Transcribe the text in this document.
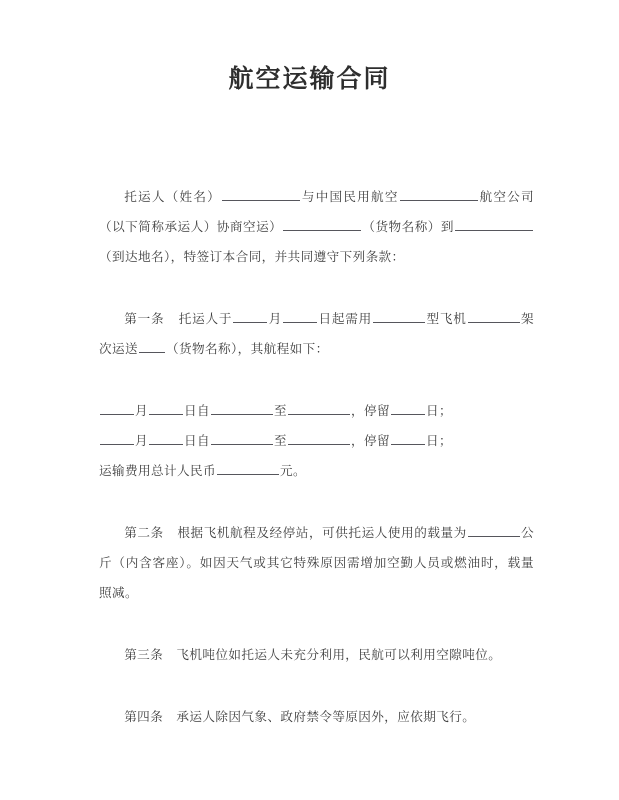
航空运输合同

托运人（姓名）	与中国民用航空	航空公司（以下简称承运人）协商空运）	（货物名称）到（到达地名），特签订本合同，并共同遵守下列条款：

第一条 托运人于	月	日起需用	型飞机	架次运送 （货物名称），其航程如下：

月	日自	至	，停留	日；

月	日自	至	，停留	日；

运输费用总计人民币	元。

第二条 根据飞机航程及经停站，可供托运人使用的载量为	公斤（内含客座）。如因天气或其它特殊原因需增加空勤人员或燃油时，载量照减。

第三条 飞机吨位如托运人未充分利用，民航可以利用空隙吨位。

第四条 承运人除因气象、政府禁令等原因外，应依期飞行。
